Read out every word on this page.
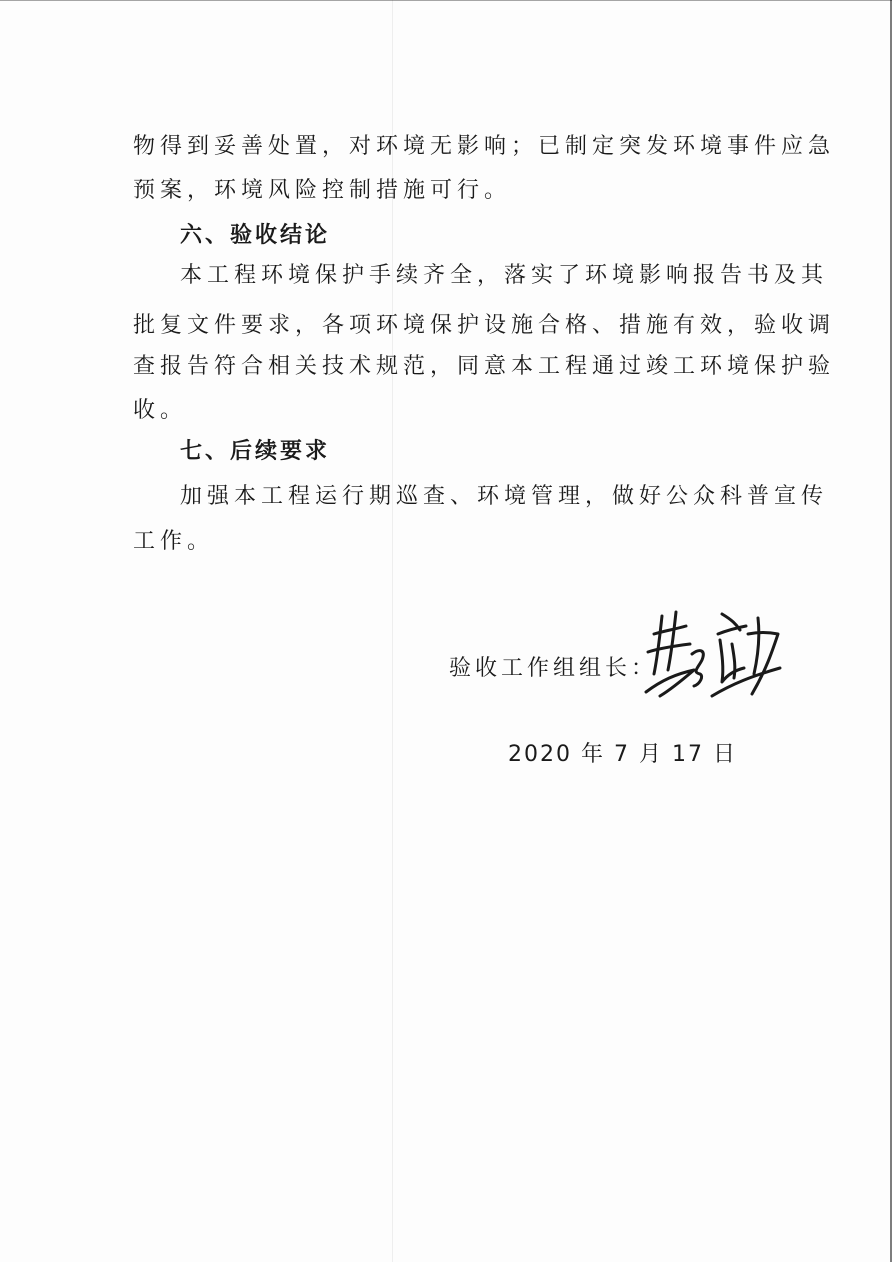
物得到妥善处置，对环境无影响；已制定突发环境事件应急
预案，环境风险控制措施可行。
六、验收结论
本工程环境保护手续齐全，落实了环境影响报告书及其
批复文件要求，各项环境保护设施合格、措施有效，验收调
查报告符合相关技术规范，同意本工程通过竣工环境保护验
收。
七、后续要求
加强本工程运行期巡查、环境管理，做好公众科普宣传
工作。
验收工作组组长：
2020 年 7 月 17 日
